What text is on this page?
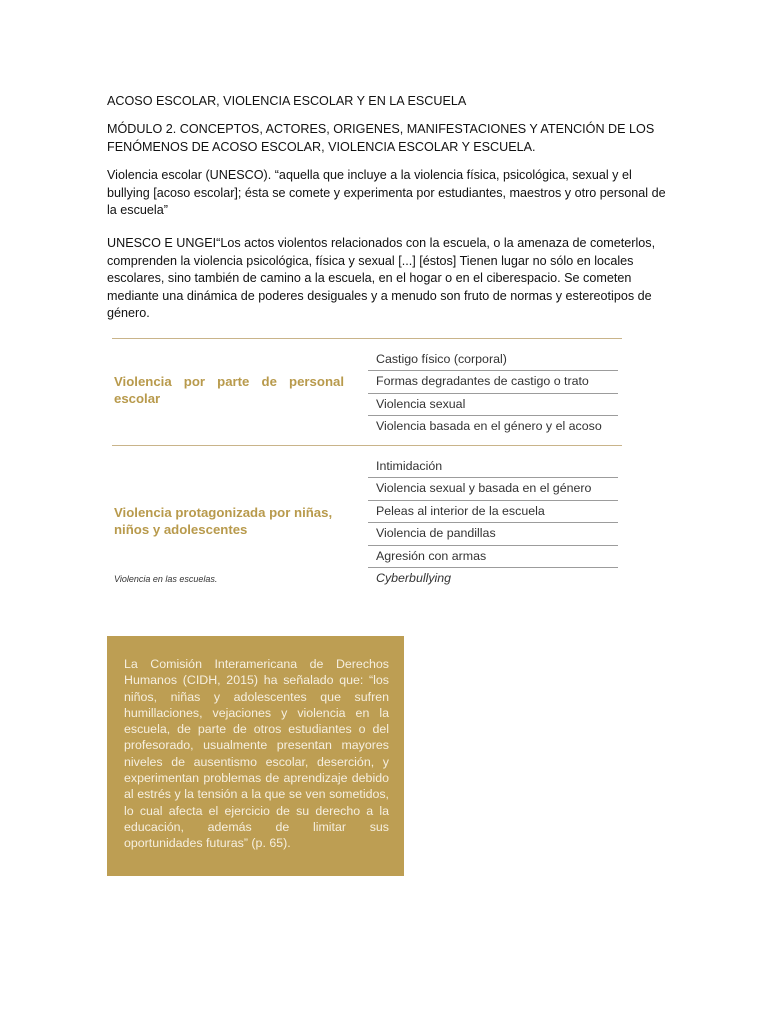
ACOSO ESCOLAR, VIOLENCIA ESCOLAR Y EN LA ESCUELA
MÓDULO 2. CONCEPTOS, ACTORES, ORIGENES, MANIFESTACIONES Y ATENCIÓN DE LOS FENÓMENOS DE ACOSO ESCOLAR, VIOLENCIA ESCOLAR Y ESCUELA.
Violencia escolar (UNESCO). “aquella que incluye a la violencia física, psicológica, sexual y el bullying [acoso escolar]; ésta se comete y experimenta por estudiantes, maestros y otro personal de la escuela”
UNESCO E UNGEI“Los actos violentos relacionados con la escuela, o la amenaza de cometerlos, comprenden la violencia psicológica, física y sexual [...] [éstos] Tienen lugar no sólo en locales escolares, sino también de camino a la escuela, en el hogar o en el ciberespacio. Se cometen mediante una dinámica de poderes desiguales y a menudo son fruto de normas y estereotipos de género.
Violencia por parte de personal escolar
Castigo físico (corporal)
Formas degradantes de castigo o trato
Violencia sexual
Violencia basada en el género y el acoso
Violencia protagonizada por niñas, niños y adolescentes
Intimidación
Violencia sexual y basada en el género
Peleas al interior de la escuela
Violencia de pandillas
Agresión con armas
Cyberbullying
Violencia en las escuelas.
La Comisión Interamericana de Derechos Humanos (CIDH, 2015) ha señalado que: “los niños, niñas y adolescentes que sufren humillaciones, vejaciones y violencia en la escuela, de parte de otros estudiantes o del profesorado, usualmente presentan mayores niveles de ausentismo escolar, deserción, y experimentan problemas de aprendizaje debido al estrés y la tensión a la que se ven sometidos, lo cual afecta el ejercicio de su derecho a la educación, además de limitar sus oportunidades futuras” (p. 65).
